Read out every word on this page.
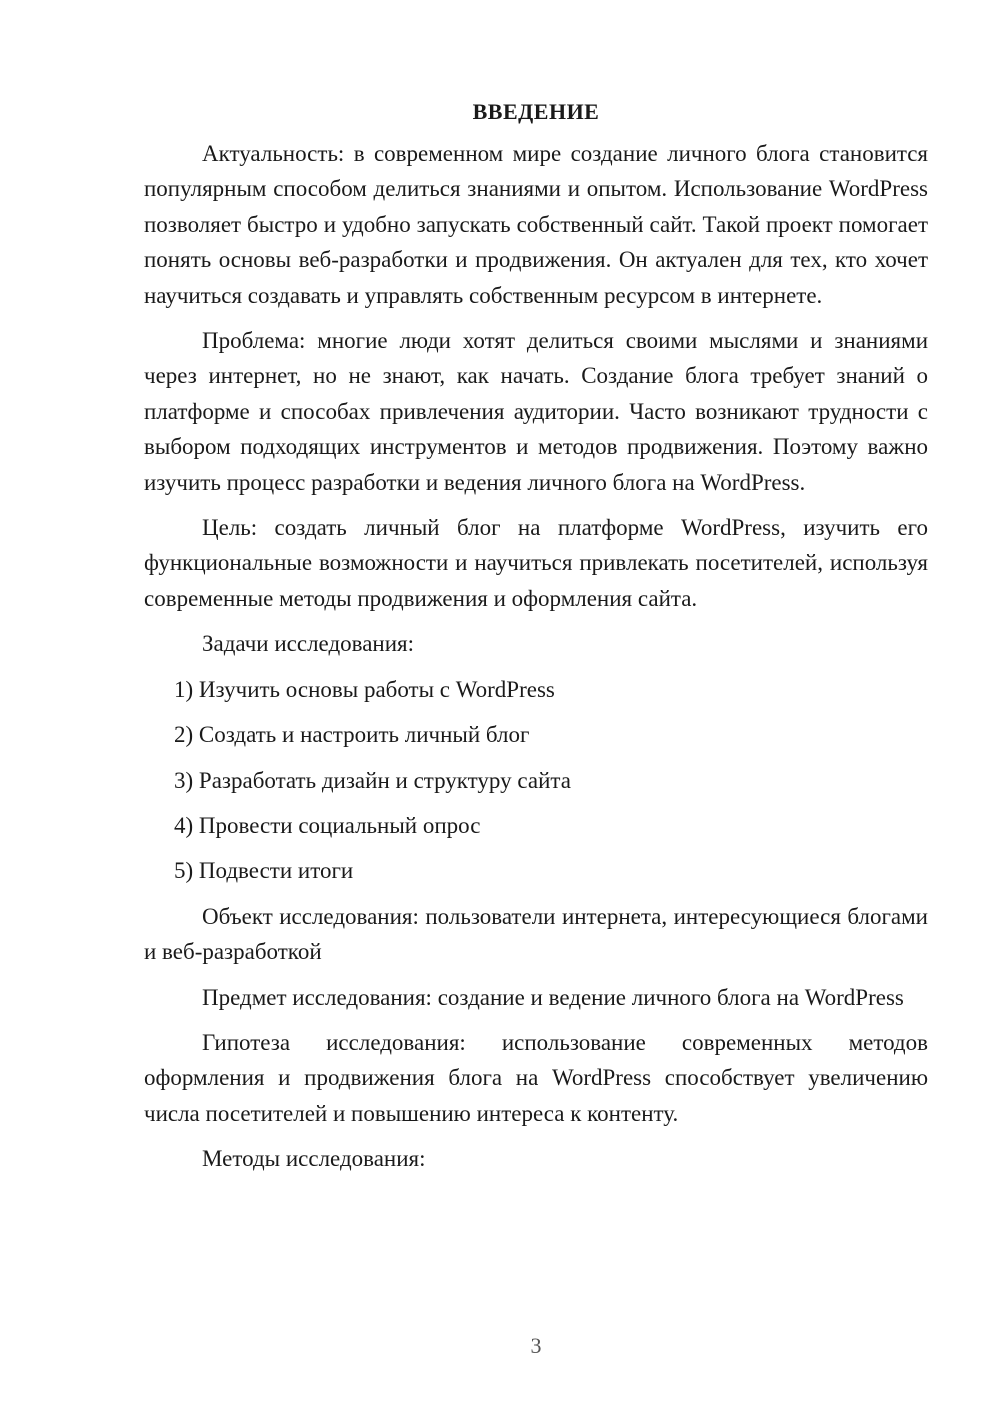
ВВЕДЕНИЕ

Актуальность: в современном мире создание личного блога становится популярным способом делиться знаниями и опытом. Использование WordPress позволяет быстро и удобно запускать собственный сайт. Такой проект помогает понять основы веб-разработки и продвижения. Он актуален для тех, кто хочет научиться создавать и управлять собственным ресурсом в интернете.

Проблема: многие люди хотят делиться своими мыслями и знаниями через интернет, но не знают, как начать. Создание блога требует знаний о платформе и способах привлечения аудитории. Часто возникают трудности с выбором подходящих инструментов и методов продвижения. Поэтому важно изучить процесс разработки и ведения личного блога на WordPress.

Цель: создать личный блог на платформе WordPress, изучить его функциональные возможности и научиться привлекать посетителей, используя современные методы продвижения и оформления сайта.

Задачи исследования:

1) Изучить основы работы с WordPress
2) Создать и настроить личный блог
3) Разработать дизайн и структуру сайта
4) Провести социальный опрос
5) Подвести итоги

Объект исследования: пользователи интернета, интересующиеся блогами и веб-разработкой

Предмет исследования: создание и ведение личного блога на WordPress

Гипотеза исследования: использование современных методов оформления и продвижения блога на WordPress способствует увеличению числа посетителей и повышению интереса к контенту.

Методы исследования:

3
